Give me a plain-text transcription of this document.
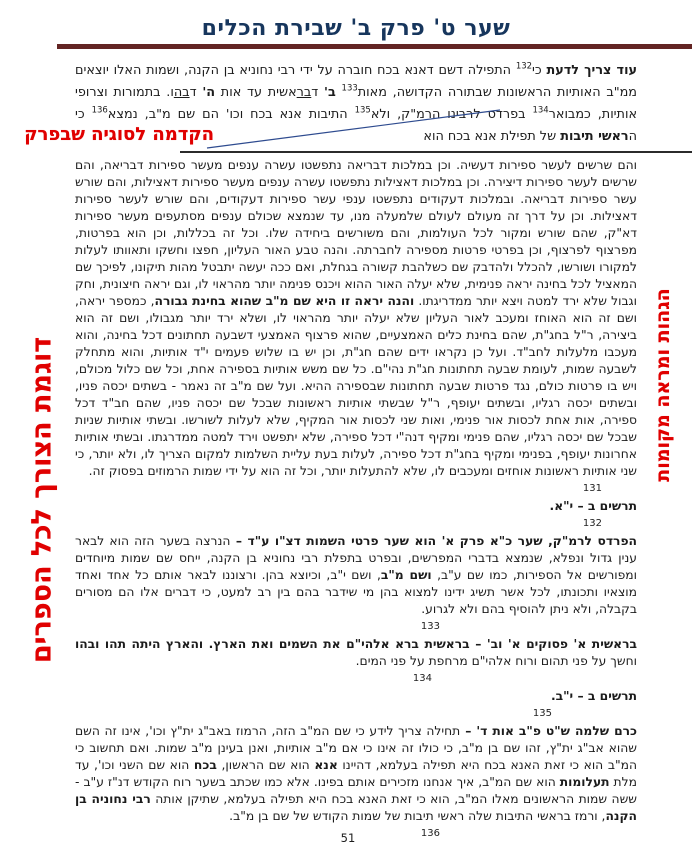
שער ט' פרק ב' שבירת הכלים
עוד צריך לדעת כי$^{132}$ התפילה דשם דאנא בכח חוברה על ידי רבי נחוניא בן הקנה, ושמות האלו יוצאים ממ"ב האותיות הראשונות שבתורה הקדושה, מאות$^{133}$ ב' דבראשית עד אות ה' דבהו. בתמורות וצרופי אותיות, כמבואר$^{134}$ בפרדס לרבינו הרמ"ק, ולא$^{135}$ התיבות אנא בכח וכו' הם שם מ"ב, נמצא$^{136}$ כי הראשי תיבות של תפילת אנא בכח הוא
הקדמה לסוגיה שבפרק
והם שרשים לעשר ספירות דעשיה. וכן במלכות דבריאה נתפשטו עשרה ענפים מעשר ספירות דבריאה, והם שרשים לעשר ספירות דיצירה. וכן במלכות דאצילות נתפשטו עשרה ענפים מעשר ספירות דאצילות, והם שורש עשר ספירות דבריאה. ובמלכות דעקודים נתפשטו ענפי עשר ספירות דעקודים, והם שורש לעשר ספירות דאצילות. וכן על דרך זה מעולם לעולם שלמעלה מנו, עד שנמצא שכולם ענפים מסתעפים מעשר ספירות דא"ק, שהם שורש ומקור לכל העולמות, והם משורשים ביחידה שלו. וכל זה בכללות, וכן הוא בפרטות, מפרצוף לפרצוף, וכן בפרטי פרטות מספירה לחברתה. והנה טבע האור העליון, חפצו וחשקו ותאוותו לעלות למקורו ושורשו, להכלל ולהדבק שם כשלהבת קשורה בגחלת, ואם ככה יעשה יתבטל מהות תיקונו, לפיכך שם המאציל לכל בחינה יראה פנימית, שלא יעלה האור ההוא ויכנס פנימה יותר מהראוי לו, וגם יראה חיצונית, וחק וגבול שלא ירד למטה ויצא יותר ממדריגתו. והנה יראה זו היא שם מ"ב שהוא בחינת גבורה, כמספר יראה, ושם זה הוא האוחז ומעכב לאור העליון שלא יעלה יותר מהראוי לו, ושלא ירד יותר מגבולו, ושם זה הוא ביצירה, ר"ל בחג"ת, שהם בחינת כלים האמצעיים, שהוא פרצוף האמצעי דשבעה תחתונים דכל בחינה, והוא מעכבו מלעלות לחב"ד. ועל כן נקראו ידים שהם חג"ת, וכן יש בו שלוש פעמים י"ד אותיות, והוא מתחלק לשבעה שמות, לעומת שבעה תחתונות חג"ת נהי"ם. כל שם משש אותיות בספירה אחת, וכל שם כלול מכולם, ויש בו פרטות כולם, נגד פרטות שבעה תחתונות שבספירה ההיא. ועל שם מ"ב זה נאמר - בשתים יכסה פניו, ובשתים יכסה רגליו, ובשתים יעופף, ר"ל שבשתי אותיות ראשונות שבכל שם יכסה פניו, שהם חב"ד דכל ספירה, אות אחת לכסות אור פנימי, ואות שני לכסות אור המקיף, שלא לעלות לשורשו. ובשתי אותיות שניות שבכל שם יכסה רגליו, שהם פנימי ומקיף דנה"י דכל ספירה, שלא יתפשט וירד למטה ממדרגתו. ובשתי אותיות אחרונות יעופף, בפנימי ומקיף בחג"ת דכל ספירה, לעלות בעת עליית השלמות למקום הצריך לו, ולא יותר, כי שני אותיות ראשונות אוחזים ומעכבים לו, שלא להתעלות יותר, וכל זה הוא על ידי שמות הרמוזים בפסוק זה.
131
תרשים ב – י"א.
132
הפרדס לרמ"ק, שער כ"א פרק א' הוא שער פרטי השמות דצ"ו ע"ד – הנרצה בשער הזה הוא לבאר ענין גדול ונפלא, שנמצא בדברי המפרשים, ובפרט בתפלת רבי נחוניא בן הקנה, ייחס שם שמות מיוחדים ומפורשים אל הספירות, כמו שם ע"ב, ושם מ"ב, ושם י"ב, וכיוצא בהן. ורצוננו לבאר אותם כל אחד ואחד מוצאיו ותכונתו, לכל אשר תשיג ידינו למצוא בהן מי שידבר בהם בין רב למעט, כי דברים אלו הם מסורים בקבלה, ולא ניתן להוסיף בהם ולא לגרוע.
133
בראשית א' פסוקים א' וב' – בראשית ברא אלהי"ם את השמים ואת הארץ. והארץ היתה תהו ובהו וחשך על פני תהום ורוח אלהי"ם מרחפת על פני המים.
134
תרשים ב – י"ב.
135
כרם שלמה ש"ט פ"ב אות ד' – תחילה צריך לידע כי שם המ"ב הזה, הרמוז באב"ג ית"ץ וכו', אינו זה השם שהוא אב"ג ית"ץ, זהו שם בן מ"ב, כי כולו זה אינו כי אם מ"ב אותיות, ואנן בעינן מ"ב שמות. ואם תחשוב כי המ"ב הוא כי זאת האנא בכח היא תפילה בעלמא, דהיינו אנא הוא שם הראשון, בכח הוא שם השני וכו', עד מלת תעלומות הוא שם המ"ב, איך אנחנו מזכירים אותם בפינו. אלא כמו שכתב בשער רוח הקודש דנ"ז ע"ב - ששה שמות הראשונים מאלו המ"ב, הוא כי זאת האנא בכח היא תפילה בעלמא, שתיקן אותה רבי נחוניה בן הקנה, ורמז בראשי התיבות שלה ראשי תיבות של שמות הקודש של שם בן מ"ב.
136
הגהות ומראה מקומות
דוגמת הצורך לכל הספרים
51
